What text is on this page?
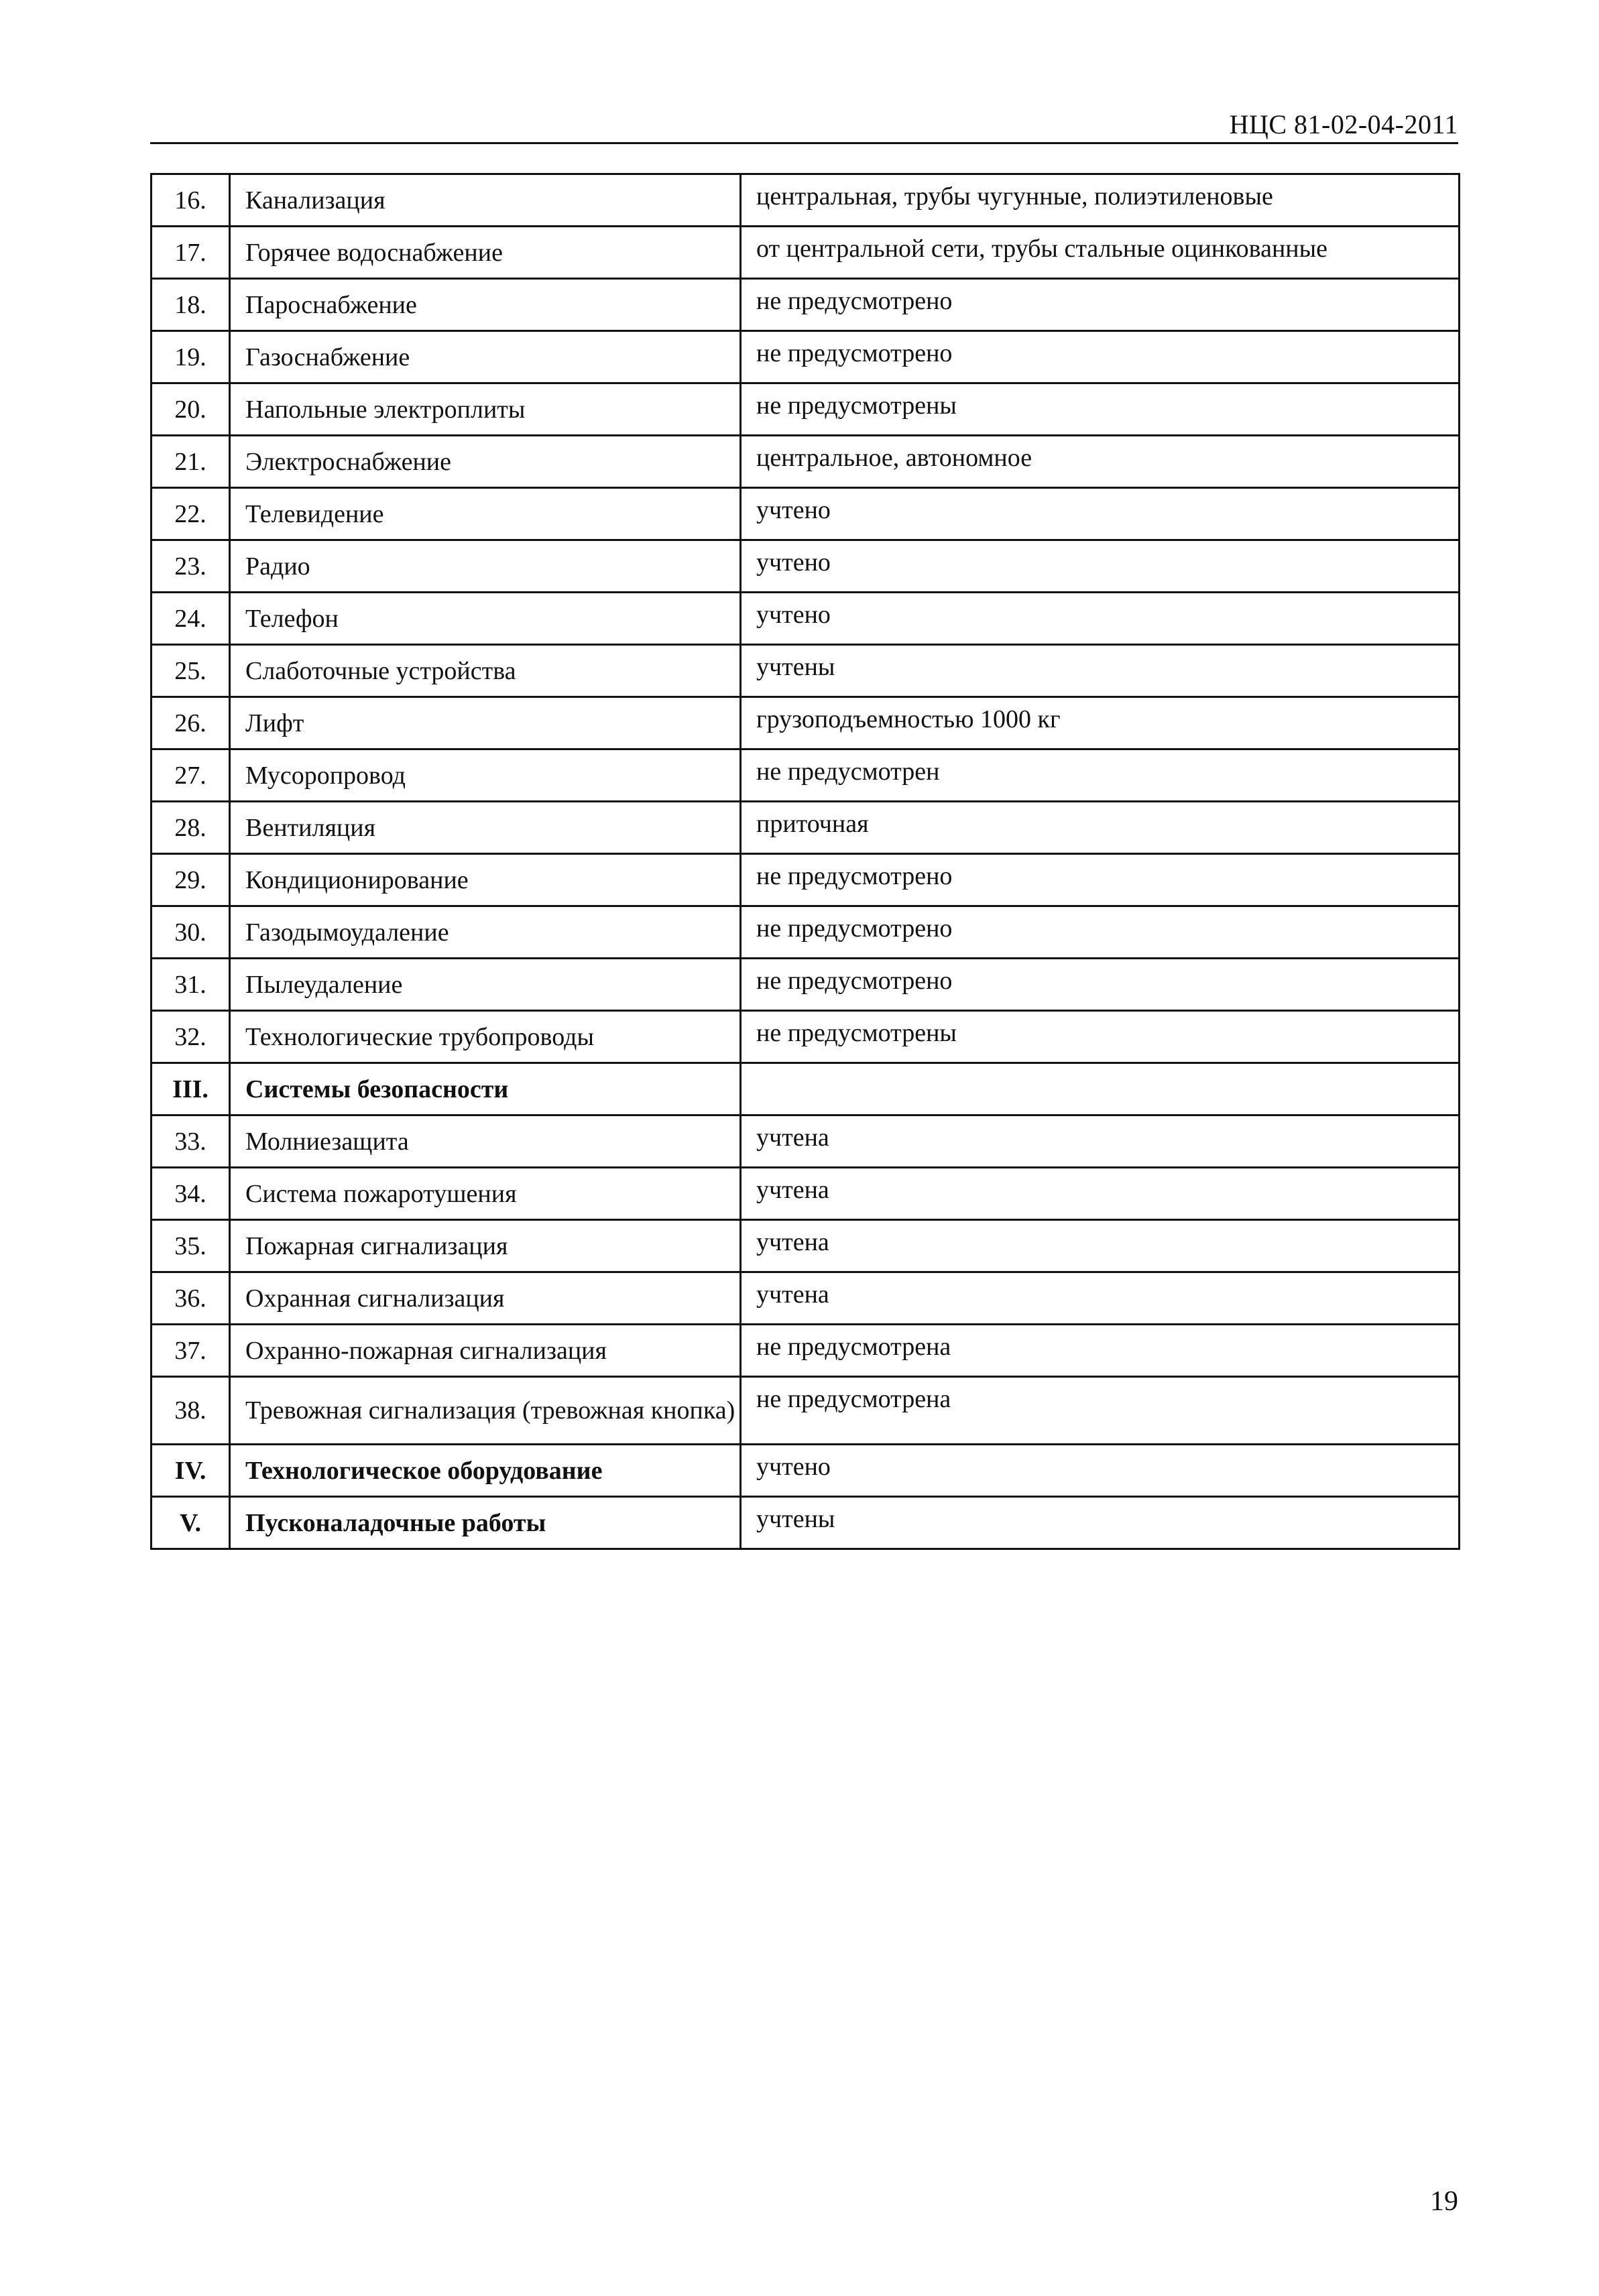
НЦС 81-02-04-2011
16.	Канализация	центральная, трубы чугунные, полиэтиленовые
17.	Горячее водоснабжение	от центральной сети, трубы стальные оцинкованные
18.	Пароснабжение	не предусмотрено
19.	Газоснабжение	не предусмотрено
20.	Напольные электроплиты	не предусмотрены
21.	Электроснабжение	центральное, автономное
22.	Телевидение	учтено
23.	Радио	учтено
24.	Телефон	учтено
25.	Слаботочные устройства	учтены
26.	Лифт	грузоподъемностью 1000 кг
27.	Мусоропровод	не предусмотрен
28.	Вентиляция	приточная
29.	Кондиционирование	не предусмотрено
30.	Газодымоудаление	не предусмотрено
31.	Пылеудаление	не предусмотрено
32.	Технологические трубопроводы	не предусмотрены
III.	Системы безопасности	
33.	Молниезащита	учтена
34.	Система пожаротушения	учтена
35.	Пожарная сигнализация	учтена
36.	Охранная сигнализация	учтена
37.	Охранно-пожарная сигнализация	не предусмотрена
38.	Тревожная сигнализация (тревожная кнопка)	не предусмотрена
IV.	Технологическое оборудование	учтено
V.	Пусконаладочные работы	учтены
19
